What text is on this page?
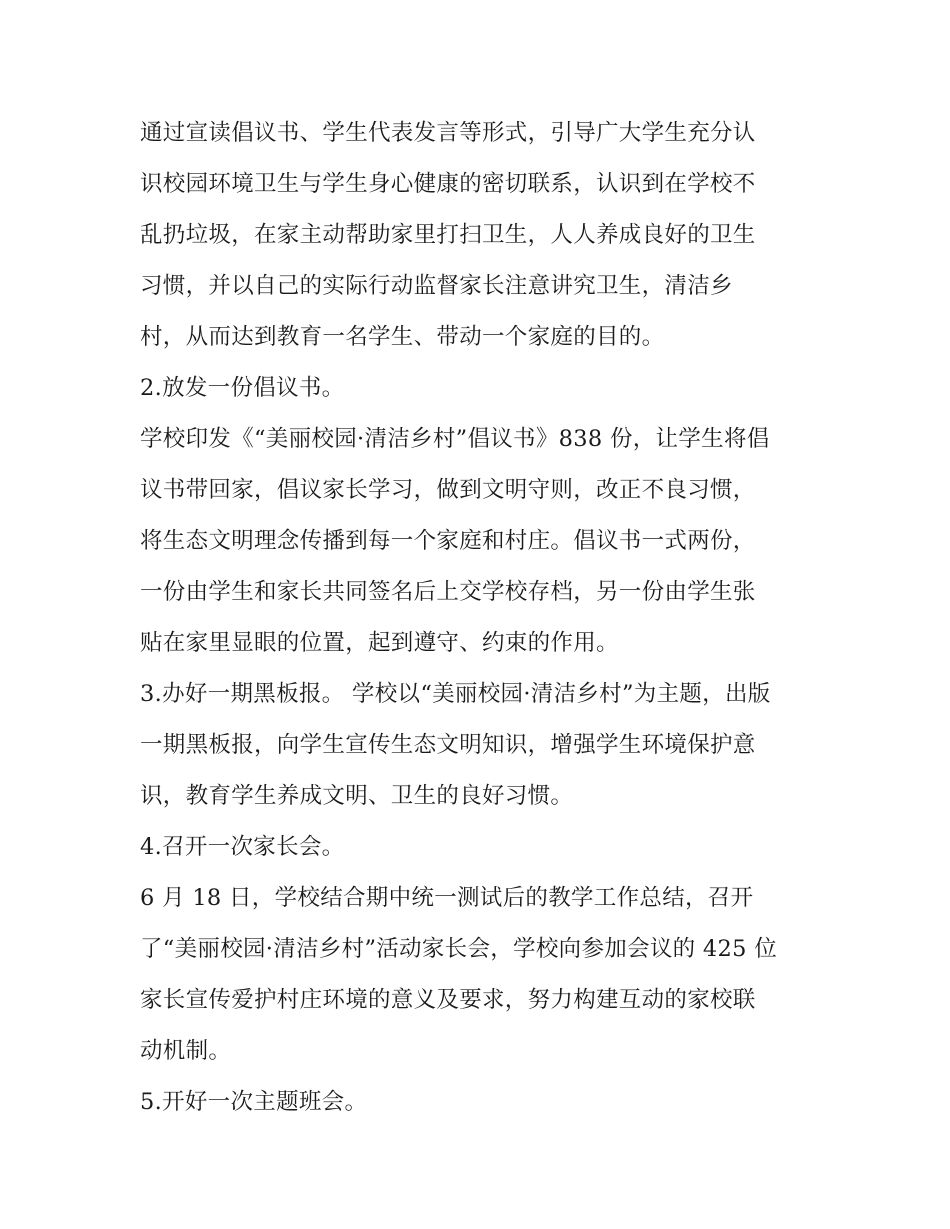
通过宣读倡议书、学生代表发言等形式，引导广大学生充分认
识校园环境卫生与学生身心健康的密切联系，认识到在学校不
乱扔垃圾，在家主动帮助家里打扫卫生，人人养成良好的卫生
习惯，并以自己的实际行动监督家长注意讲究卫生，清洁乡
村，从而达到教育一名学生、带动一个家庭的目的。
2.放发一份倡议书。
学校印发《“美丽校园·清洁乡村”倡议书》838 份，让学生将倡
议书带回家，倡议家长学习，做到文明守则，改正不良习惯，
将生态文明理念传播到每一个家庭和村庄。倡议书一式两份，
一份由学生和家长共同签名后上交学校存档，另一份由学生张
贴在家里显眼的位置，起到遵守、约束的作用。
3.办好一期黑板报。 学校以“美丽校园·清洁乡村”为主题，出版
一期黑板报，向学生宣传生态文明知识，增强学生环境保护意
识，教育学生养成文明、卫生的良好习惯。
4.召开一次家长会。
6 月 18 日，学校结合期中统一测试后的教学工作总结，召开
了“美丽校园·清洁乡村”活动家长会，学校向参加会议的 425 位
家长宣传爱护村庄环境的意义及要求，努力构建互动的家校联
动机制。
5.开好一次主题班会。
